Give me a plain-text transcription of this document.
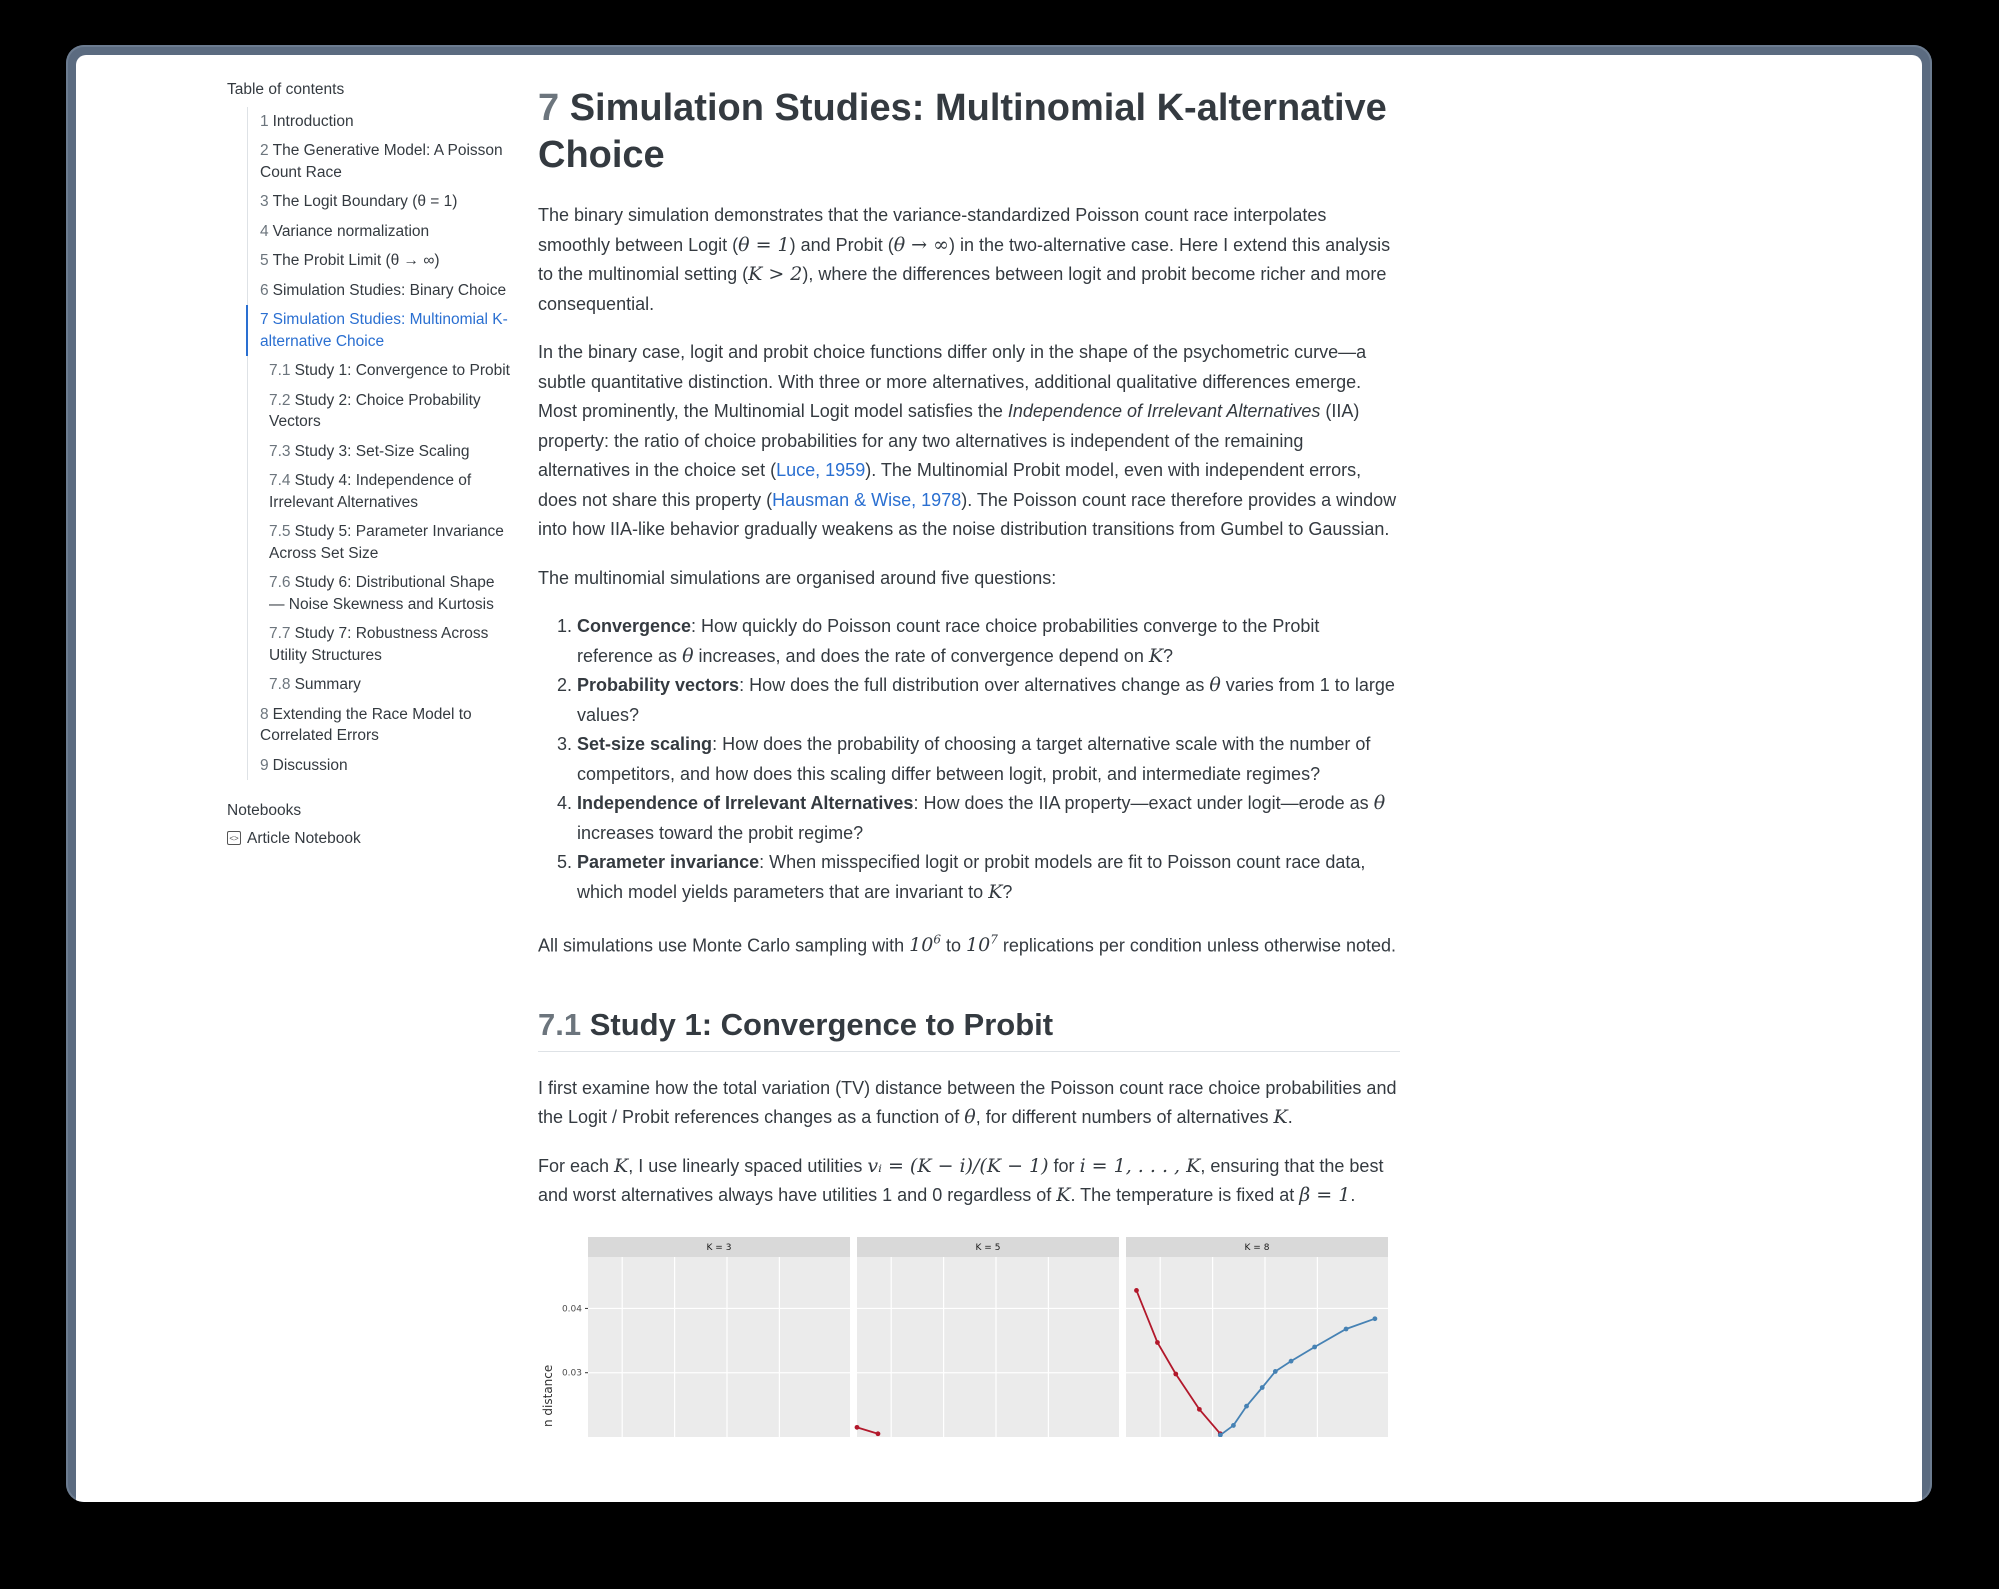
Table of contents
1 Introduction
2 The Generative Model: A Poisson Count Race
3 The Logit Boundary (θ = 1)
4 Variance normalization
5 The Probit Limit (θ → ∞)
6 Simulation Studies: Binary Choice
7 Simulation Studies: Multinomial K-alternative Choice
7.1 Study 1: Convergence to Probit
7.2 Study 2: Choice Probability Vectors
7.3 Study 3: Set-Size Scaling
7.4 Study 4: Independence of Irrelevant Alternatives
7.5 Study 5: Parameter Invariance Across Set Size
7.6 Study 6: Distributional Shape — Noise Skewness and Kurtosis
7.7 Study 7: Robustness Across Utility Structures
7.8 Summary
8 Extending the Race Model to Correlated Errors
9 Discussion
Notebooks
<> Article Notebook
7 Simulation Studies: Multinomial K-alternative Choice

The binary simulation demonstrates that the variance-standardized Poisson count race interpolates smoothly between Logit (θ = 1) and Probit (θ → ∞) in the two-alternative case. Here I extend this analysis to the multinomial setting (K > 2), where the differences between logit and probit become richer and more consequential.

In the binary case, logit and probit choice functions differ only in the shape of the psychometric curve—a subtle quantitative distinction. With three or more alternatives, additional qualitative differences emerge. Most prominently, the Multinomial Logit model satisfies the Independence of Irrelevant Alternatives (IIA) property: the ratio of choice probabilities for any two alternatives is independent of the remaining alternatives in the choice set (Luce, 1959). The Multinomial Probit model, even with independent errors, does not share this property (Hausman & Wise, 1978). The Poisson count race therefore provides a window into how IIA-like behavior gradually weakens as the noise distribution transitions from Gumbel to Gaussian.

The multinomial simulations are organised around five questions:

1. Convergence: How quickly do Poisson count race choice probabilities converge to the Probit reference as θ increases, and does the rate of convergence depend on K?
2. Probability vectors: How does the full distribution over alternatives change as θ varies from 1 to large values?
3. Set-size scaling: How does the probability of choosing a target alternative scale with the number of competitors, and how does this scaling differ between logit, probit, and intermediate regimes?
4. Independence of Irrelevant Alternatives: How does the IIA property—exact under logit—erode as θ increases toward the probit regime?
5. Parameter invariance: When misspecified logit or probit models are fit to Poisson count race data, which model yields parameters that are invariant to K?

All simulations use Monte Carlo sampling with $10^6$ to $10^7$ replications per condition unless otherwise noted.

7.1 Study 1: Convergence to Probit

I first examine how the total variation (TV) distance between the Poisson count race choice probabilities and the Logit / Probit references changes as a function of θ, for different numbers of alternatives K.

For each K, I use linearly spaced utilities vᵢ = (K − i)/(K − 1) for i = 1, . . . , K, ensuring that the best and worst alternatives always have utilities 1 and 0 regardless of K. The temperature is fixed at β = 1.

n distance
0.04
0.03
K = 3	K = 5	K = 8
